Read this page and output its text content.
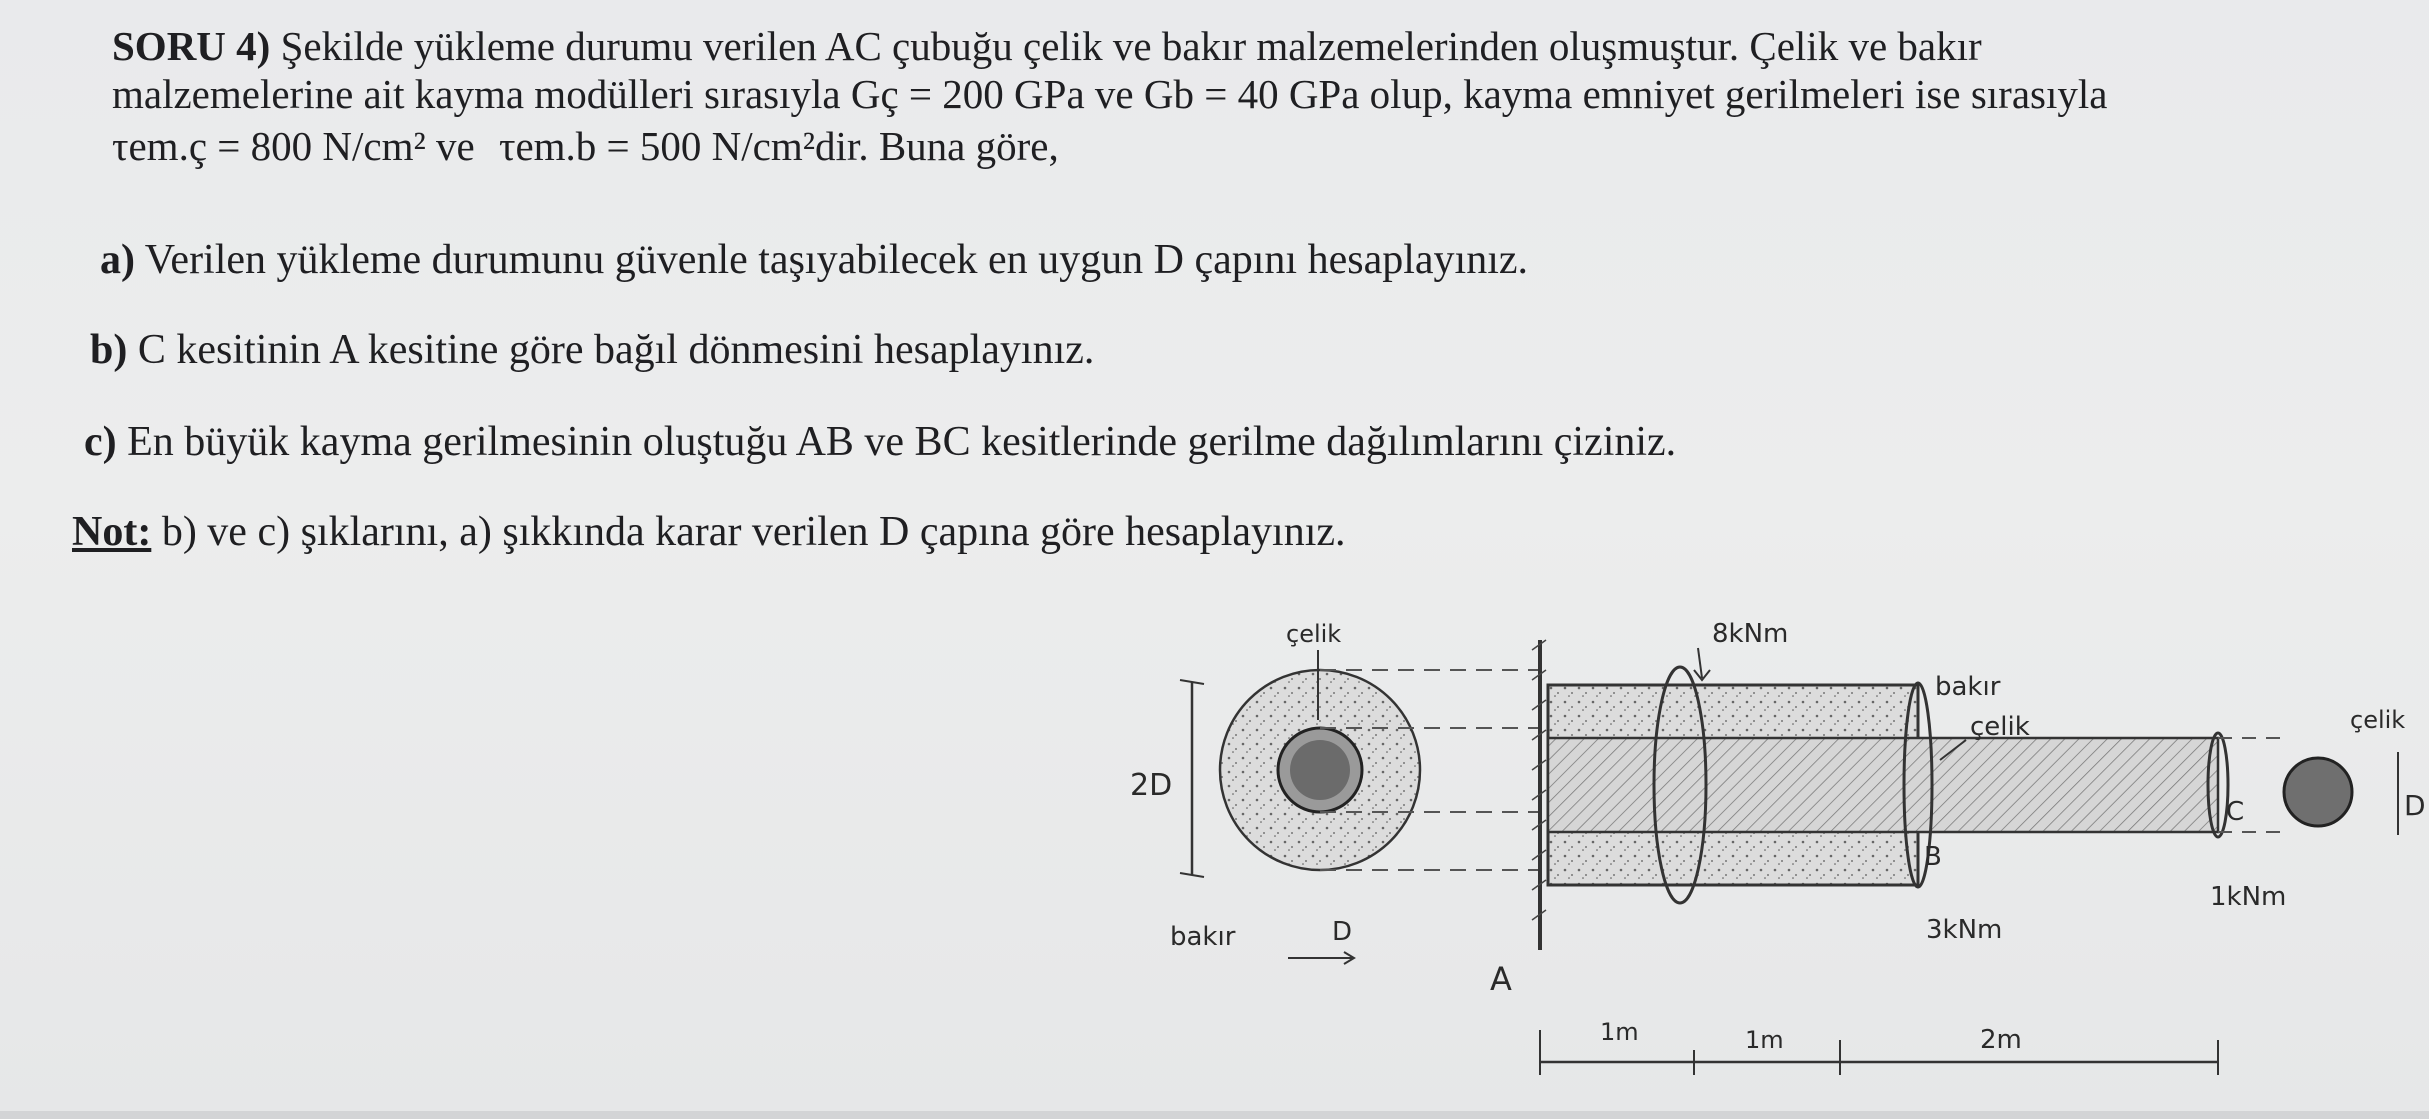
SORU 4) Şekilde yükleme durumu verilen AC çubuğu çelik ve bakır malzemelerinden oluşmuştur. Çelik ve bakır
malzemelerine ait kayma modülleri sırasıyla Gç = 200 GPa ve Gb = 40 GPa olup, kayma emniyet gerilmeleri ise sırasıyla
τem.ç = 800 N/cm² ve τem.b = 500 N/cm²dir. Buna göre,
a) Verilen yükleme durumunu güvenle taşıyabilecek en uygun D çapını hesaplayınız.
b) C kesitinin A kesitine göre bağıl dönmesini hesaplayınız.
c) En büyük kayma gerilmesinin oluştuğu AB ve BC kesitlerinde gerilme dağılımlarını çiziniz.
Not: b) ve c) şıklarını, a) şıkkında karar verilen D çapına göre hesaplayınız.
çelik
2D
bakır	D
A
8kNm
bakır
çelik
B
C
3kNm
1kNm
çelik
D
1m	1m	2m
